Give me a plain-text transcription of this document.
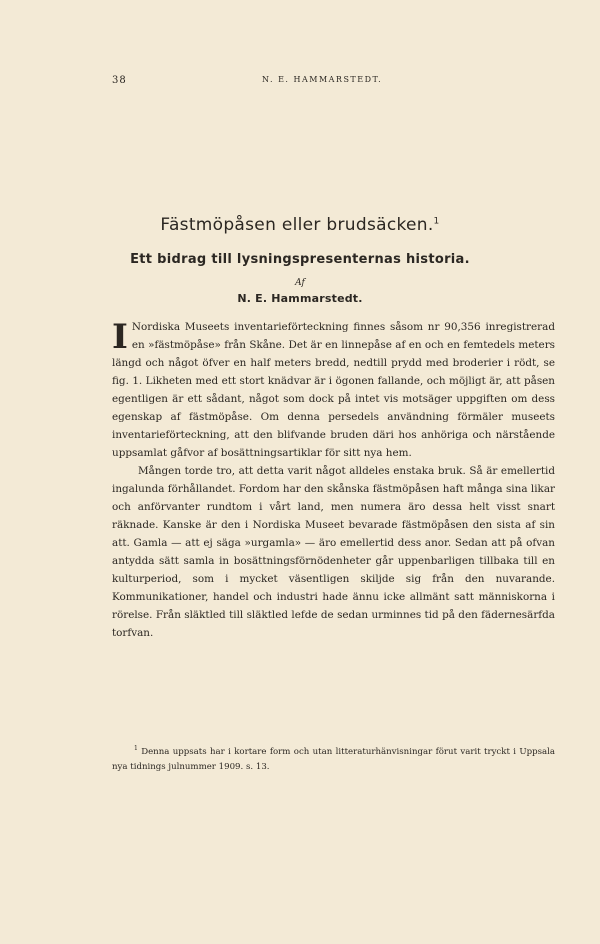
38	N. E. HAMMARSTEDT.
Fästmöpåsen eller brudsäcken.$^1$
Ett bidrag till lysningspresenternas historia.
Af
N. E. Hammarstedt.

I Nordiska Museets inventarieförteckning finnes såsom nr 90,356 inregistrerad en »fästmöpåse» från Skåne. Det är en linnepåse af en och en femtedels meters längd och något öfver en half meters bredd, nedtill prydd med broderier i rödt, se fig. 1. Likheten med ett stort knädvar är i ögonen fallande, och möjligt är, att påsen egentligen är ett sådant, något som dock på intet vis motsäger uppgiften om dess egenskap af fästmöpåse. Om denna persedels användning förmäler museets inventarieförteckning, att den blifvande bruden däri hos anhöriga och närstående uppsamlat gåfvor af bosättningsartiklar för sitt nya hem.

Mången torde tro, att detta varit något alldeles enstaka bruk. Så är emellertid ingalunda förhållandet. Fordom har den skånska fästmöpåsen haft många sina likar och anförvanter rundtom i vårt land, men numera äro dessa helt visst snart räknade. Kanske är den i Nordiska Museet bevarade fästmöpåsen den sista af sin att. Gamla — att ej säga »urgamla» — äro emellertid dess anor. Sedan att på ofvan antydda sätt samla in bosättningsförnödenheter går uppenbarligen tillbaka till en kulturperiod, som i mycket väsentligen skiljde sig från den nuvarande. Kommunikationer, handel och industri hade ännu icke allmänt satt människorna i rörelse. Från släktled till släktled lefde de sedan urminnes tid på den fädernesärfda torfvan.

$^1$ Denna uppsats har i kortare form och utan litteraturhänvisningar förut varit tryckt i Uppsala nya tidnings julnummer 1909. s. 13.
